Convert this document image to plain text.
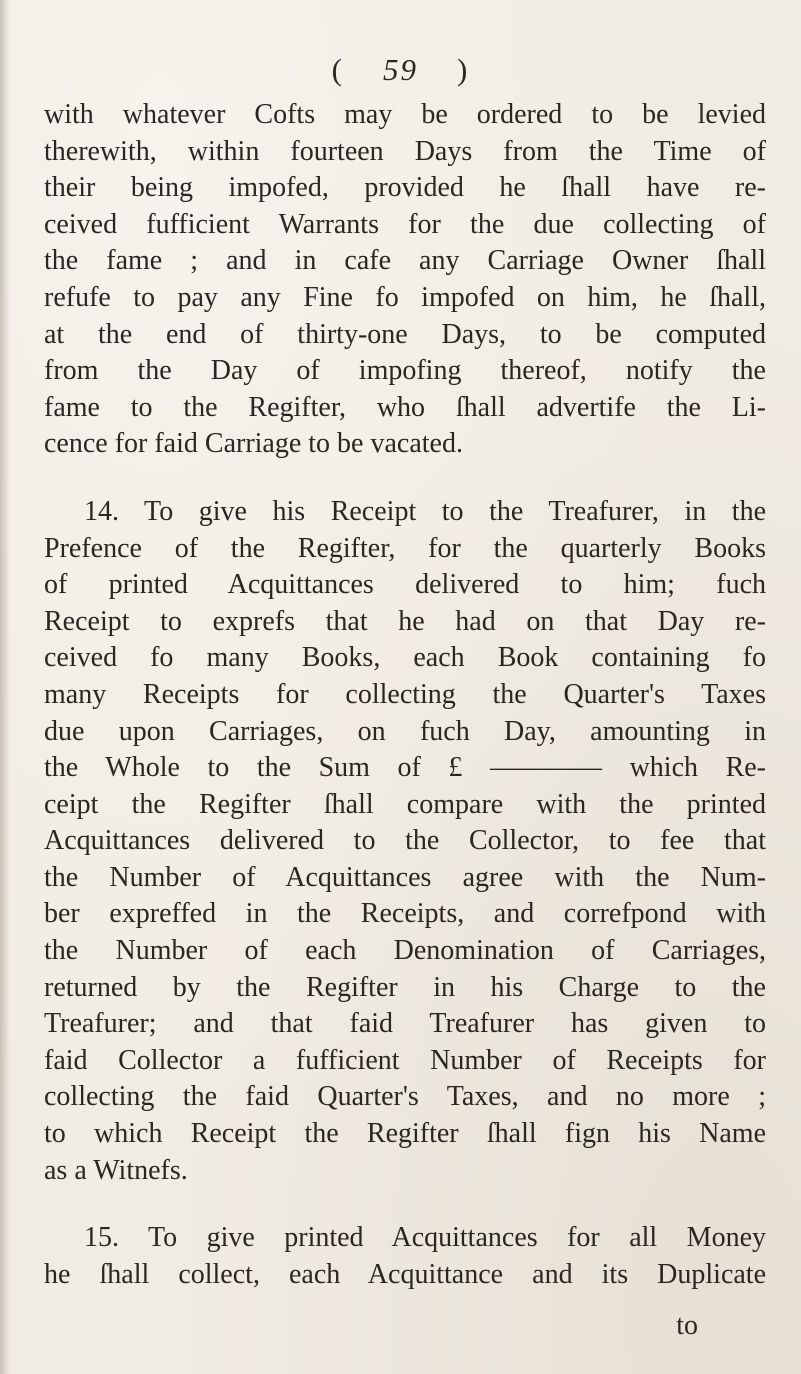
( 59 )
with whatever Cofts may be ordered to be levied
therewith, within fourteen Days from the Time of
their being impofed, provided he ſhall have re-
ceived fufficient Warrants for the due collecting of
the fame ; and in cafe any Carriage Owner ſhall
refufe to pay any Fine fo impofed on him, he ſhall,
at the end of thirty-one Days, to be computed
from the Day of impofing thereof, notify the
fame to the Regifter, who ſhall advertife the Li-
cence for faid Carriage to be vacated.
14. To give his Receipt to the Treafurer, in the
Prefence of the Regifter, for the quarterly Books
of printed Acquittances delivered to him; fuch
Receipt to exprefs that he had on that Day re-
ceived fo many Books, each Book containing fo
many Receipts for collecting the Quarter's Taxes
due upon Carriages, on fuch Day, amounting in
the Whole to the Sum of £ ———— which Re-
ceipt the Regifter ſhall compare with the printed
Acquittances delivered to the Collector, to fee that
the Number of Acquittances agree with the Num-
ber expreffed in the Receipts, and correfpond with
the Number of each Denomination of Carriages,
returned by the Regifter in his Charge to the
Treafurer; and that faid Treafurer has given to
faid Collector a fufficient Number of Receipts for
collecting the faid Quarter's Taxes, and no more ;
to which Receipt the Regifter ſhall fign his Name
as a Witnefs.
15. To give printed Acquittances for all Money
he ſhall collect, each Acquittance and its Duplicate
to
